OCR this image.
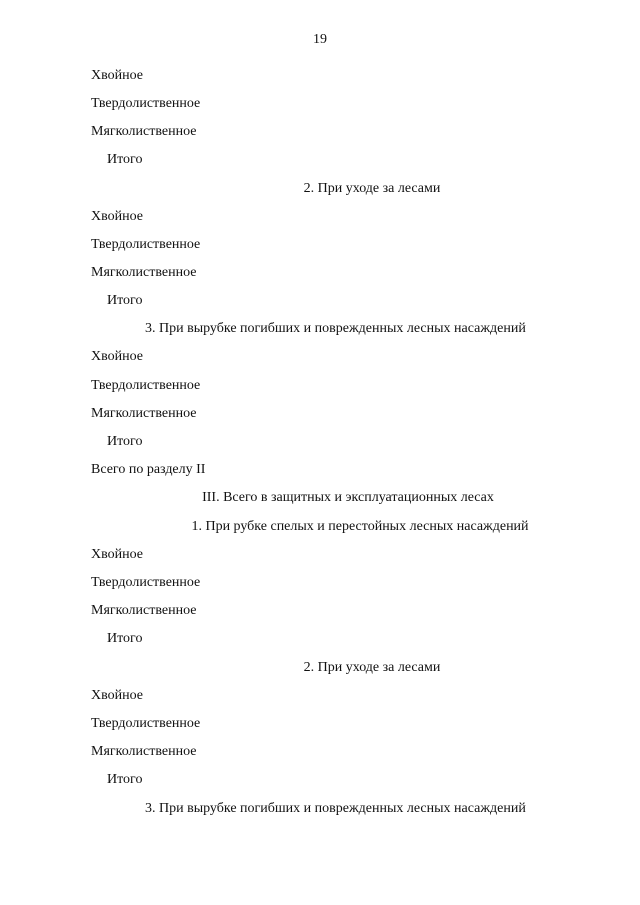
19
Хвойное
Твердолиственное
Мягколиственное
Итого
2. При уходе за лесами
Хвойное
Твердолиственное
Мягколиственное
Итого
3. При вырубке погибших и поврежденных лесных насаждений
Хвойное
Твердолиственное
Мягколиственное
Итого
Всего по разделу II
III. Всего в защитных и эксплуатационных лесах
1. При рубке спелых и перестойных лесных насаждений
Хвойное
Твердолиственное
Мягколиственное
Итого
2. При уходе за лесами
Хвойное
Твердолиственное
Мягколиственное
Итого
3. При вырубке погибших и поврежденных лесных насаждений
